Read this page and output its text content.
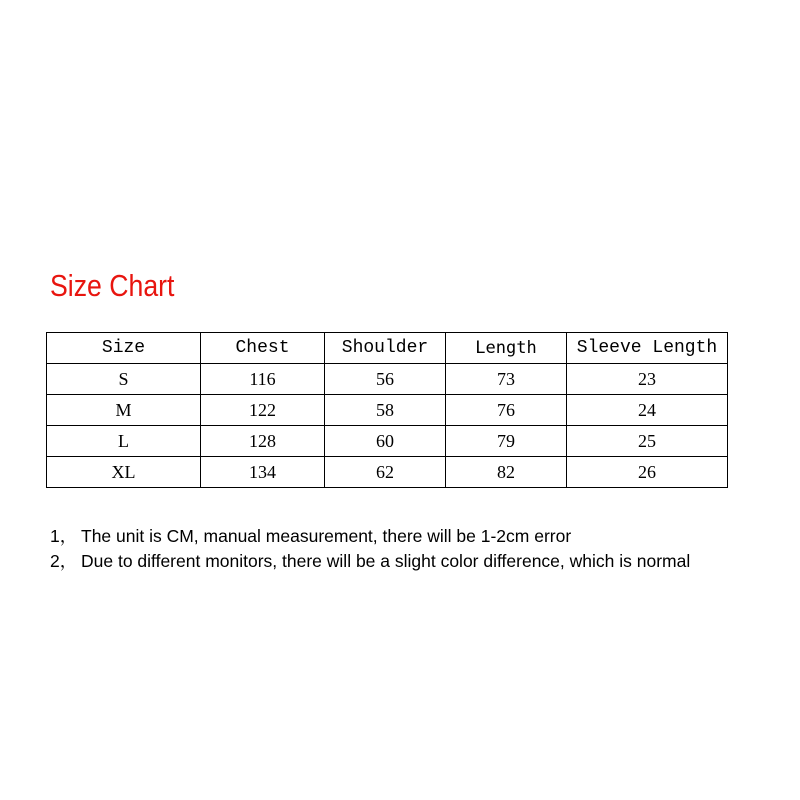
Size Chart
Size	Chest	Shoulder	Length	Sleeve Length
S	116	56	73	23
M	122	58	76	24
L	128	60	79	25
XL	134	62	82	26
1， The unit is CM, manual measurement, there will be 1-2cm error
2， Due to different monitors, there will be a slight color difference, which is normal
